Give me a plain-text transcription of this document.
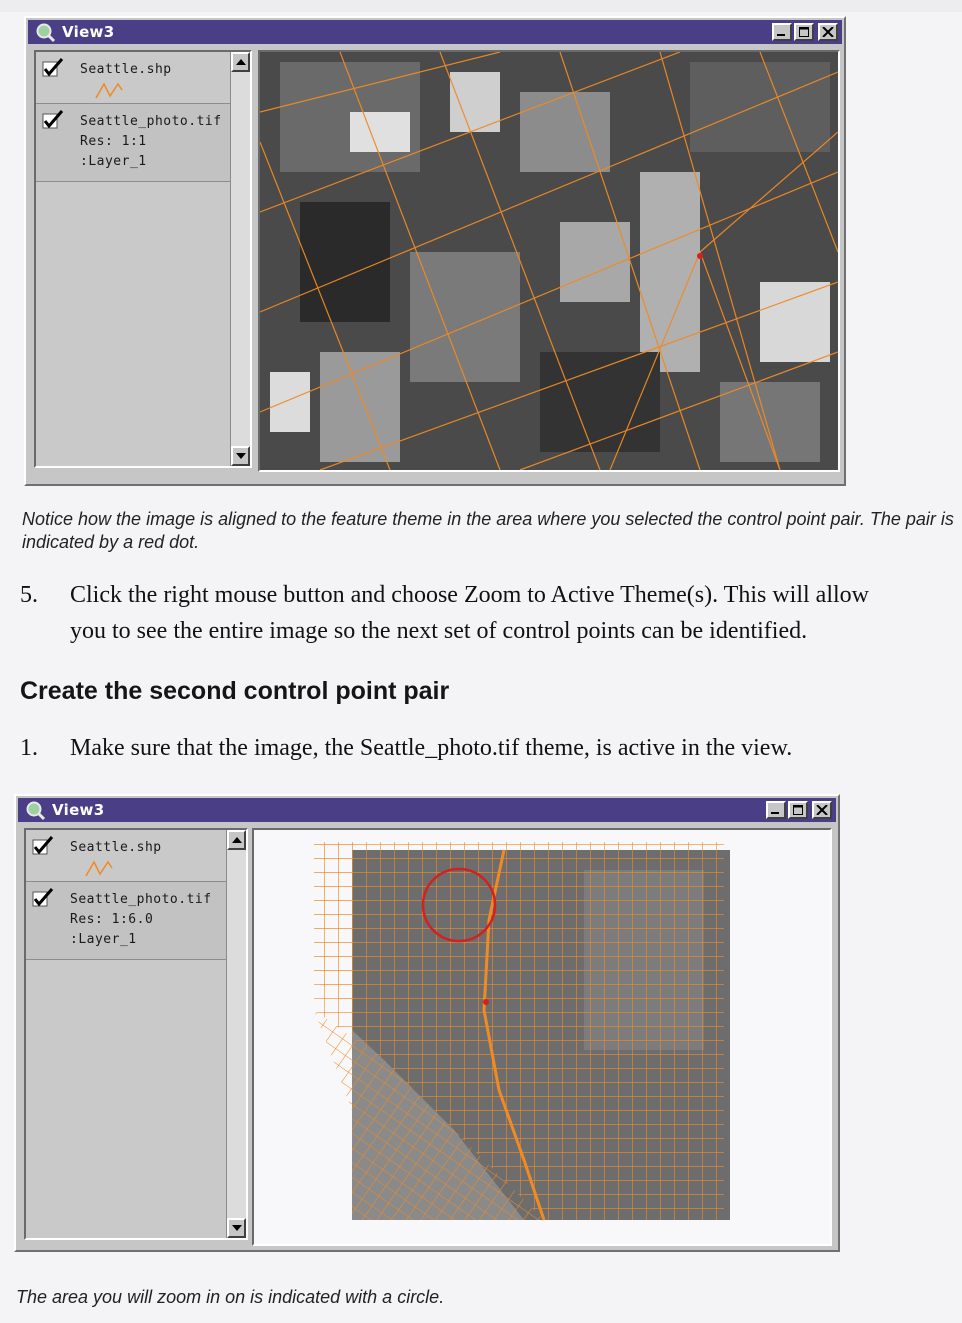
View3
Seattle.shp
Seattle_photo.tif
Res: 1:1
:Layer_1

Notice how the image is aligned to the feature theme in the area where you selected the control point pair. The pair is indicated by a red dot.

5. Click the right mouse button and choose Zoom to Active Theme(s). This will allow
you to see the entire image so the next set of control points can be identified.
Create the second control point pair
1. Make sure that the image, the Seattle_photo.tif theme, is active in the view.
View3
Seattle.shp
Seattle_photo.tif
Res: 1:6.0
:Layer_1

The area you will zoom in on is indicated with a circle.
